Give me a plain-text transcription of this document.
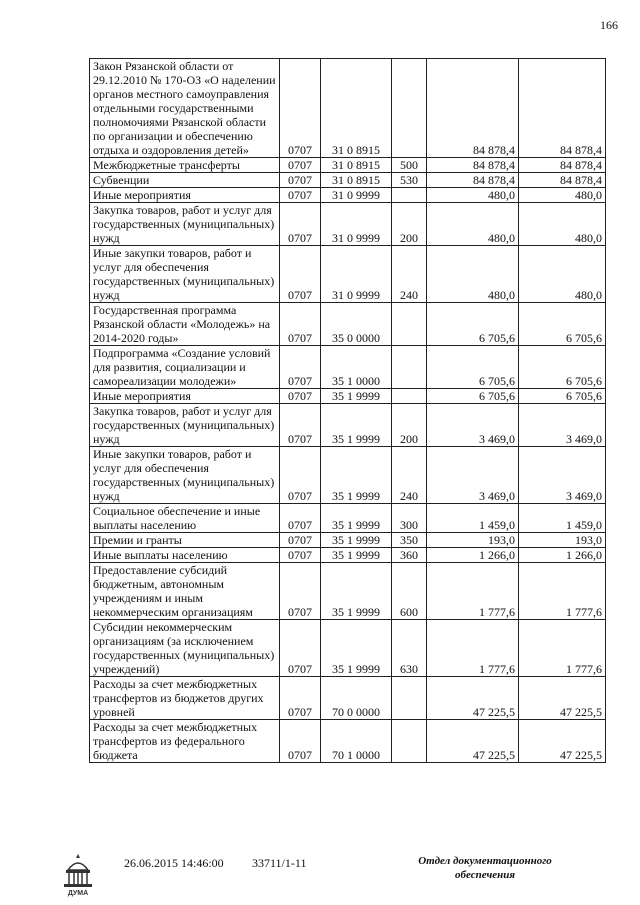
166
Закон Рязанской области от 29.12.2010 № 170-ОЗ «О наделении органов местного самоуправления отдельными государственными полномочиями Рязанской области по организации и обеспечению отдыха и оздоровления детей»	0707	31 0 8915		84 878,4	84 878,4
Межбюджетные трансферты	0707	31 0 8915	500	84 878,4	84 878,4
Субвенции	0707	31 0 8915	530	84 878,4	84 878,4
Иные мероприятия	0707	31 0 9999		480,0	480,0
Закупка товаров, работ и услуг для государственных (муниципальных) нужд	0707	31 0 9999	200	480,0	480,0
Иные закупки товаров, работ и услуг для обеспечения государственных (муниципальных) нужд	0707	31 0 9999	240	480,0	480,0
Государственная программа Рязанской области «Молодежь» на 2014-2020 годы»	0707	35 0 0000		6 705,6	6 705,6
Подпрограмма «Создание условий для развития, социализации и самореализации молодежи»	0707	35 1 0000		6 705,6	6 705,6
Иные мероприятия	0707	35 1 9999		6 705,6	6 705,6
Закупка товаров, работ и услуг для государственных (муниципальных) нужд	0707	35 1 9999	200	3 469,0	3 469,0
Иные закупки товаров, работ и услуг для обеспечения государственных (муниципальных) нужд	0707	35 1 9999	240	3 469,0	3 469,0
Социальное обеспечение и иные выплаты населению	0707	35 1 9999	300	1 459,0	1 459,0
Премии и гранты	0707	35 1 9999	350	193,0	193,0
Иные выплаты населению	0707	35 1 9999	360	1 266,0	1 266,0
Предоставление субсидий бюджетным, автономным учреждениям и иным некоммерческим организациям	0707	35 1 9999	600	1 777,6	1 777,6
Субсидии некоммерческим организациям (за исключением государственных (муниципальных) учреждений)	0707	35 1 9999	630	1 777,6	1 777,6
Расходы за счет межбюджетных трансфертов из бюджетов других уровней	0707	70 0 0000		47 225,5	47 225,5
Расходы за счет межбюджетных трансфертов из федерального бюджета	0707	70 1 0000		47 225,5	47 225,5
ДУМА
26.06.2015 14:46:00 33711/1-11	Отдел документационного
обеспечения
